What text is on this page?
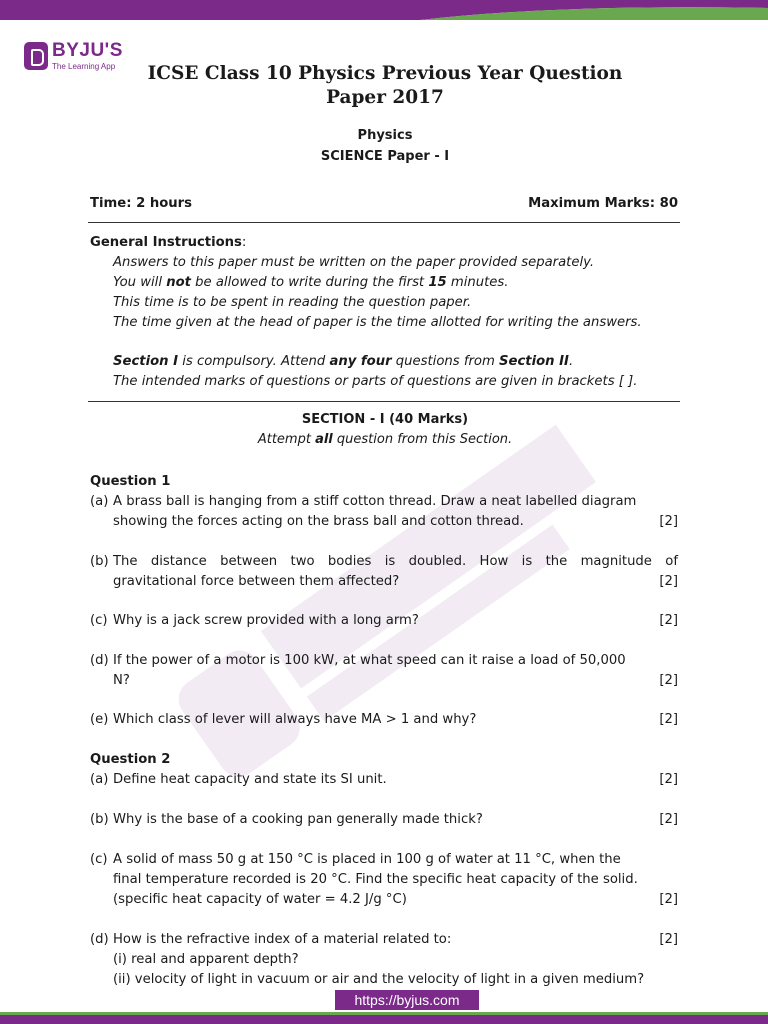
BYJU'S
The Learning App	ICSE Class 10 Physics Previous Year Question
Paper 2017
Physics
SCIENCE Paper - I
Time: 2 hours	Maximum Marks: 80
General Instructions:
Answers to this paper must be written on the paper provided separately.
You will not be allowed to write during the first 15 minutes.
This time is to be spent in reading the question paper.
The time given at the head of paper is the time allotted for writing the answers.
Section I is compulsory. Attend any four questions from Section II.
The intended marks of questions or parts of questions are given in brackets [ ].
SECTION - I (40 Marks)
Attempt all question from this Section.
Question 1
(a) A brass ball is hanging from a stiff cotton thread. Draw a neat labelled diagram
showing the forces acting on the brass ball and cotton thread.	[2]
(b) The distance between two bodies is doubled. How is the magnitude of
gravitational force between them affected?	[2]
(c) Why is a jack screw provided with a long arm?	[2]
(d) If the power of a motor is 100 kW, at what speed can it raise a load of 50,000
N?	[2]
(e) Which class of lever will always have MA > 1 and why?	[2]
Question 2
(a) Define heat capacity and state its SI unit.	[2]
(b) Why is the base of a cooking pan generally made thick?	[2]
(c) A solid of mass 50 g at 150 °C is placed in 100 g of water at 11 °C, when the
final temperature recorded is 20 °C. Find the specific heat capacity of the solid.
(specific heat capacity of water = 4.2 J/g °C)	[2]
(d) How is the refractive index of a material related to:	[2]
(i) real and apparent depth?
(ii) velocity of light in vacuum or air and the velocity of light in a given medium?
https://byjus.com
